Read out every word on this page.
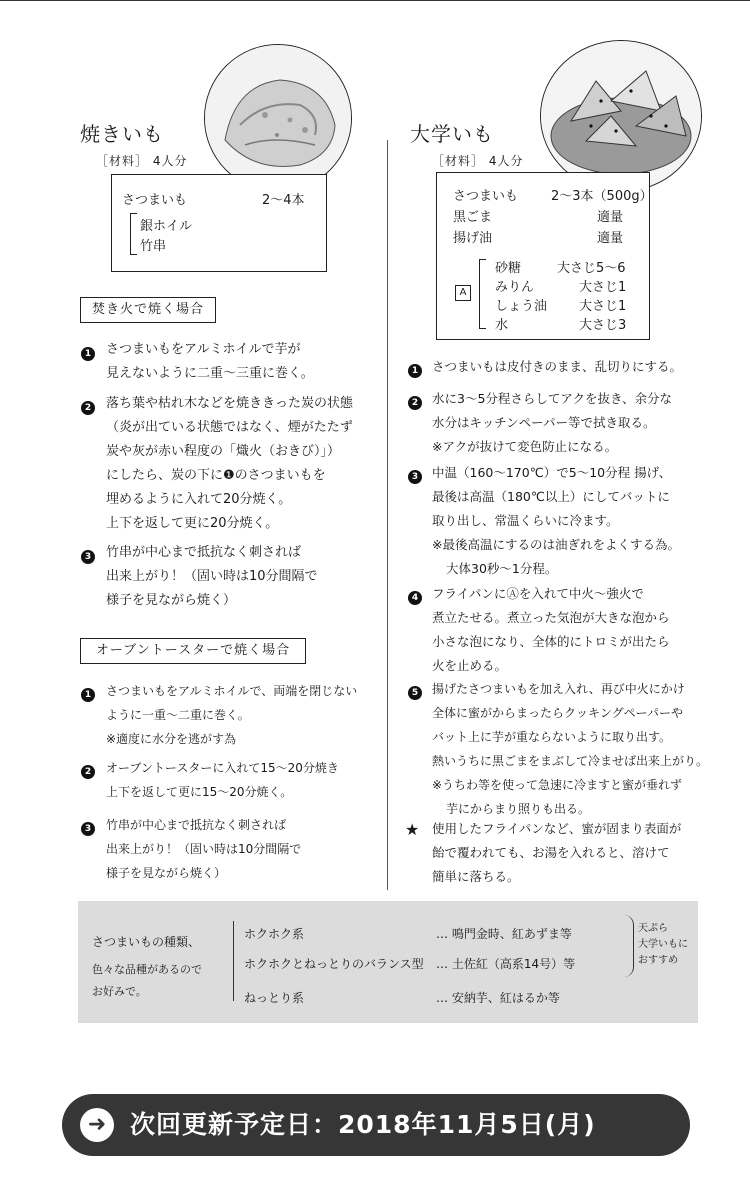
焼きいも
［材料］ 4人分
さつまいも	2〜4本
銀ホイル
竹串
焚き火で焼く場合
1 さつまいもをアルミホイルで芋が
見えないように二重〜三重に巻く。
2 落ち葉や枯れ木などを焼ききった炭の状態
（炎が出ている状態ではなく、煙がたたず
炭や灰が赤い程度の「熾火（おきび）」）
にしたら、炭の下に❶のさつまいもを
埋めるように入れて20分焼く。
上下を返して更に20分焼く。
3 竹串が中心まで抵抗なく刺されば
出来上がり！（固い時は10分間隔で
様子を見ながら焼く）
オーブントースターで焼く場合
1	さつまいもをアルミホイルで、両端を閉じない
ように一重〜二重に巻く。
※適度に水分を逃がす為
2	オーブントースターに入れて15〜20分焼き
上下を返して更に15〜20分焼く。
3	竹串が中心まで抵抗なく刺されば
出来上がり！（固い時は10分間隔で
様子を見ながら焼く）
大学いも
［材料］ 4人分
さつまいも	2〜3本（500g）
黒ごま	適量
揚げ油	適量
A
砂糖	大さじ5〜6
みりん	大さじ1
しょう油 大さじ1
水	大さじ3
1	さつまいもは皮付きのまま、乱切りにする。
2	水に3〜5分程さらしてアクを抜き、余分な
水分はキッチンペーパー等で拭き取る。
※アクが抜けて変色防止になる。
3	中温（160〜170℃）で5〜10分程 揚げ、
最後は高温（180℃以上）にしてバットに
取り出し、常温くらいに冷ます。
※最後高温にするのは油ぎれをよくする為。
大体30秒〜1分程。
4	フライパンにⒶを入れて中火〜強火で
煮立たせる。煮立った気泡が大きな泡から
小さな泡になり、全体的にトロミが出たら
火を止める。
5	揚げたさつまいもを加え入れ、再び中火にかけ
全体に蜜がからまったらクッキングペーパーや
バット上に芋が重ならないように取り出す。
熱いうちに黒ごまをまぶして冷ませば出来上がり。
※うちわ等を使って急速に冷ますと蜜が垂れず
芋にからまり照りも出る。
★ 使用したフライパンなど、蜜が固まり表面が
飴で覆われても、お湯を入れると、溶けて
簡単に落ちる。
さつまいもの種類、
色々な品種があるので
お好みで。
ホクホク系	… 鳴門金時、紅あずま等
ホクホクとねっとりのバランス型 … 土佐紅（高系14号）等
ねっとり系	… 安納芋、紅はるか等
天ぷら
大学いもに
おすすめ
➜ 次回更新予定日：2018年11月5日(月)
